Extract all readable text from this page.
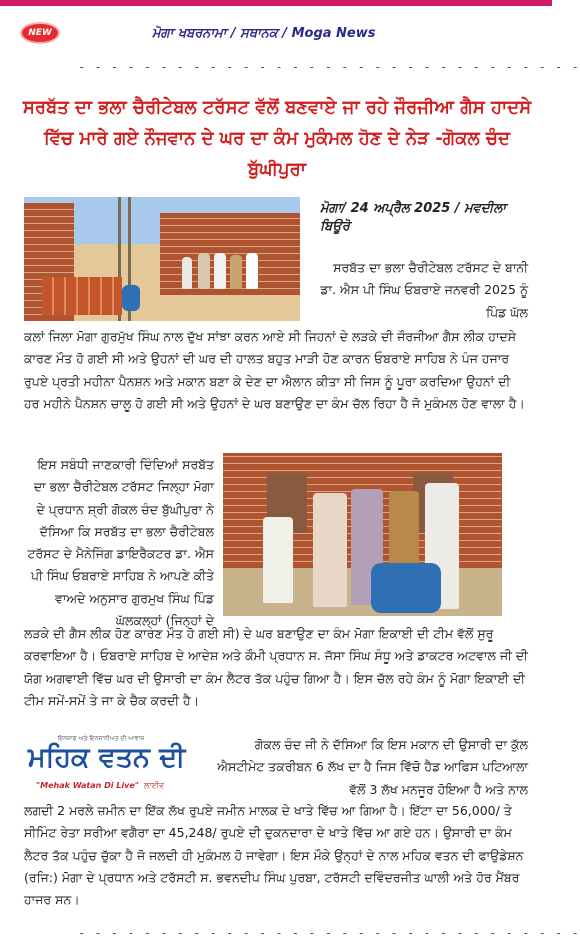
NEW	ਮੋਗਾ ਖਬਰਨਾਮਾ / ਸਥਾਨਕ / Moga News
- - - - - - - - - - - - - - - - - - - - - - - - - - - - - - -
ਸਰਬੱਤ ਦਾ ਭਲਾ ਚੈਰੀਟੇਬਲ ਟਰੱਸਟ ਵੱਲੋਂ ਬਣਵਾਏ ਜਾ ਰਹੇ ਜੌਰਜੀਆ ਗੈਸ ਹਾਦਸੇ ਵਿੱਚ ਮਾਰੇ ਗਏ ਨੌਜਵਾਨ ਦੇ ਘਰ ਦਾ ਕੰਮ ਮੁਕੰਮਲ ਹੋਣ ਦੇ ਨੇੜ -ਗੋਕਲ ਚੰਦ ਬੁੱਘੀਪੁਰਾ
ਮੋਗਾ/ 24 ਅਪ੍ਰੈਲ 2025 / ਮਵਦੀਲਾ ਬਿਊਰੋ
ਸਰਬੱਤ ਦਾ ਭਲਾ ਚੈਰੀਟੇਬਲ ਟਰੱਸਟ ਦੇ ਬਾਨੀ ਡਾ. ਐਸ ਪੀ ਸਿੰਘ ਓਬਰਾਏ ਜਨਵਰੀ 2025 ਨੂੰ ਪਿੰਡ ਘੱਲ
ਕਲਾਂ ਜਿਲਾ ਮੋਗਾ ਗੁਰਮੁੱਖ ਸਿੰਘ ਨਾਲ ਦੁੱਖ ਸਾਂਝਾ ਕਰਨ ਆਏ ਸੀ ਜਿਹਨਾਂ ਦੇ ਲੜਕੇ ਦੀ ਜੌਰਜੀਆ ਗੈਸ ਲੀਕ ਹਾਦਸੇ ਕਾਰਣ ਮੌਤ ਹੋ ਗਈ ਸੀ ਅਤੇ ਉਹਨਾਂ ਦੀ ਘਰ ਦੀ ਹਾਲਤ ਬਹੁਤ ਮਾੜੀ ਹੋਣ ਕਾਰਨ ਓਬਰਾਏ ਸਾਹਿਬ ਨੇ ਪੰਜ ਹਜਾਰ ਰੁਪਏ ਪ੍ਰਤੀ ਮਹੀਨਾ ਪੈਨਸ਼ਨ ਅਤੇ ਮਕਾਨ ਬਣਾ ਕੇ ਦੇਣ ਦਾ ਐਲਾਨ ਕੀਤਾ ਸੀ ਜਿਸ ਨੂੰ ਪੂਰਾ ਕਰਦਿਆ ਉਹਨਾਂ ਦੀ ਹਰ ਮਹੀਨੇ ਪੈਨਸ਼ਨ ਚਾਲੂ ਹੋ ਗਈ ਸੀ ਅਤੇ ਉਹਨਾਂ ਦੇ ਘਰ ਬਣਾਉਣ ਦਾ ਕੰਮ ਚੱਲ ਰਿਹਾ ਹੈ ਜੋ ਮੁਕੰਮਲ ਹੋਣ ਵਾਲਾ ਹੈ।
ਇਸ ਸਬੰਧੀ ਜਾਣਕਾਰੀ ਦਿੰਦਿਆਂ ਸਰਬੱਤ ਦਾ ਭਲਾ ਚੈਰੀਟੇਬਲ ਟਰੱਸਟ ਜਿਲ੍ਹਾ ਮੋਗਾ ਦੇ ਪ੍ਰਧਾਨ ਸ਼੍ਰੀ ਗੋਕਲ ਚੰਦ ਬੁੱਘੀਪੁਰਾ ਨੇ ਦੱਸਿਆ ਕਿ ਸਰਬੱਤ ਦਾ ਭਲਾ ਚੈਰੀਟੇਬਲ ਟਰੱਸਟ ਦੇ ਮੈਨੇਜਿੰਗ ਡਾਇਰੈਕਟਰ ਡਾ. ਐਸ ਪੀ ਸਿੰਘ ਓਬਰਾਏ ਸਾਹਿਬ ਨੇ ਆਪਣੇ ਕੀਤੇ ਵਾਅਦੇ ਅਨੁਸਾਰ ਗੁਰਮੁਖ ਸਿੰਘ ਪਿੰਡ ਘੱਲਕਲ੍ਹਾਂ (ਜਿਨ੍ਹਾਂ ਦੇ
ਲੜਕੇ ਦੀ ਗੈਸ ਲੀਕ ਹੋਣ ਕਾਰਣ ਮੌਤ ਹੋ ਗਈ ਸੀ) ਦੇ ਘਰ ਬਣਾਉਣ ਦਾ ਕੰਮ ਮੋਗਾ ਇਕਾਈ ਦੀ ਟੀਮ ਵੱਲੋਂ ਸੁਰੂ ਕਰਵਾਇਆ ਹੈ। ਓਬਰਾਏ ਸਾਹਿਬ ਦੇ ਆਦੇਸ਼ ਅਤੇ ਕੌਮੀ ਪ੍ਰਧਾਨ ਸ. ਜੱਸਾ ਸਿੰਘ ਸੰਧੂ ਅਤੇ ਡਾਕਟਰ ਅਟਵਾਲ ਜੀ ਦੀ ਯੋਗ ਅਗਵਾਈ ਵਿੱਚ ਘਰ ਦੀ ਉਸਾਰੀ ਦਾ ਕੰਮ ਲੈਟਰ ਤੱਕ ਪਹੁੰਚ ਗਿਆ ਹੈ। ਇਸ ਚੱਲ ਰਹੇ ਕੰਮ ਨੂੰ ਮੋਗਾ ਇਕਾਈ ਦੀ ਟੀਮ ਸਮੇਂ-ਸਮੇਂ ਤੇ ਜਾ ਕੇ ਚੈਕ ਕਰਦੀ ਹੈ।
ਇਨਸਾਫ ਅਤੇ ਇਨਸਾਨੀਅਤ ਦੀ ਆਵਾਜ਼
ਮਹਿਕ ਵਤਨ ਦੀ
"Mehak Watan Di Live" ਲਾਈਵ
ਗੋਕਲ ਚੰਦ ਜੀ ਨੇ ਦੱਸਿਆ ਕਿ ਇਸ ਮਕਾਨ ਦੀ ਉਸਾਰੀ ਦਾ ਕੁੱਲ ਐਸਟੀਮੇਟ ਤਕਰੀਬਨ 6 ਲੱਖ ਦਾ ਹੈ ਜਿਸ ਵਿੱਚੋ ਹੈਡ ਆਫਿਸ ਪਟਿਆਲਾ ਵੱਲੋਂ 3 ਲੱਖ ਮਨਜੂਰ ਹੋਇਆ ਹੈ ਅਤੇ ਨਾਲ
ਲਗਦੀ 2 ਮਰਲੇ ਜ਼ਮੀਨ ਦਾ ਇੱਕ ਲੱਖ ਰੁਪਏ ਜਮੀਨ ਮਾਲਕ ਦੇ ਖਾਤੇ ਵਿੱਚ ਆ ਗਿਆ ਹੈ। ਇੱਟਾ ਦਾ 56,000/ ਤੇ ਸੀਮਿੰਟ ਰੇਤਾ ਸਰੀਆ ਵਗੈਰਾ ਦਾ 45,248/ ਰੁਪਏ ਦੀ ਦੁਕਨਦਾਰਾ ਦੇ ਖਾਤੇ ਵਿੱਚ ਆ ਗਏ ਹਨ। ਉਸਾਰੀ ਦਾ ਕੰਮ ਲੈਟਰ ਤੱਕ ਪਹੁੰਚ ਚੁੱਕਾ ਹੈ ਜੋ ਜਲਦੀ ਹੀ ਮੁਕੰਮਲ ਹੋ ਜਾਵੇਗਾ। ਇਸ ਮੌਕੇ ਉਨ੍ਹਾਂ ਦੇ ਨਾਲ ਮਹਿਕ ਵਤਨ ਦੀ ਫਾਉਡੇਸ਼ਨ (ਰਜਿ:) ਮੋਗਾ ਦੇ ਪ੍ਰਧਾਨ ਅਤੇ ਟਰੱਸਟੀ ਸ. ਭਵਨਦੀਪ ਸਿੰਘ ਪੁਰਬਾ, ਟਰੱਸਟੀ ਦਵਿੰਦਰਜੀਤ ਘਾਲੀ ਅਤੇ ਹੋਰ ਮੈਂਬਰ ਹਾਜਰ ਸਨ।
- - - - - - - - - - - - - - - - - - - - - - - - - - - - - - -
